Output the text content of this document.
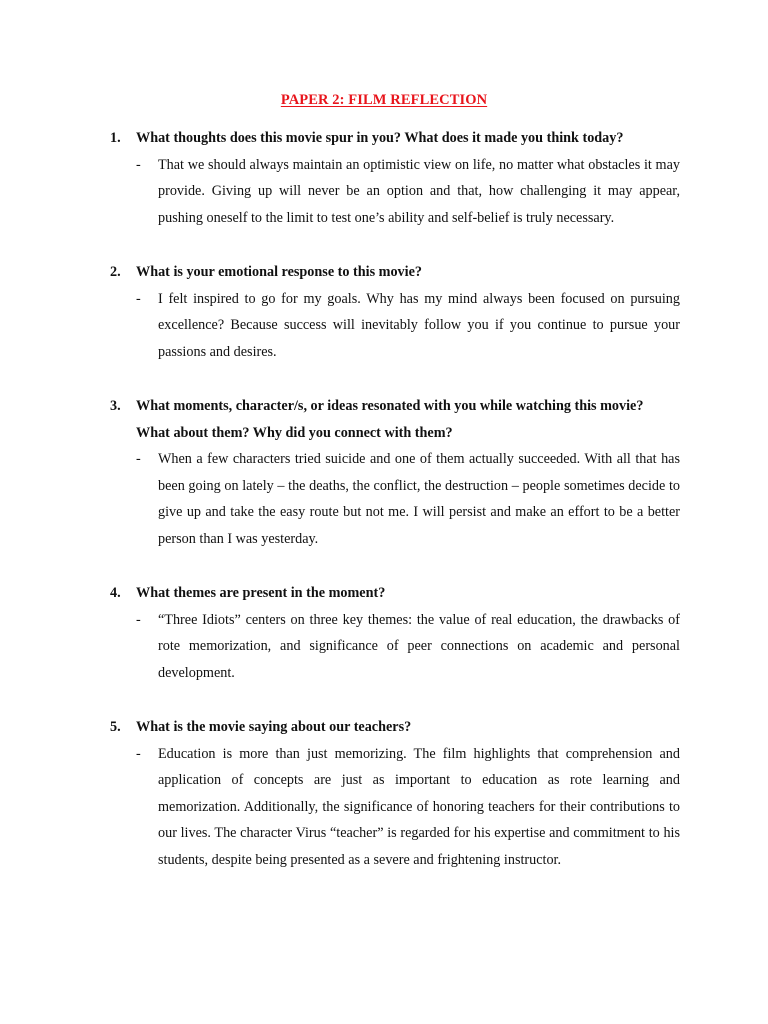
PAPER 2: FILM REFLECTION
1.	What thoughts does this movie spur in you? What does it made you think today?
-	That we should always maintain an optimistic view on life, no matter what obstacles it may provide. Giving up will never be an option and that, how challenging it may appear, pushing oneself to the limit to test one’s ability and self-belief is truly necessary.
2.	What is your emotional response to this movie?
-	I felt inspired to go for my goals. Why has my mind always been focused on pursuing excellence? Because success will inevitably follow you if you continue to pursue your passions and desires.
3.	What moments, character/s, or ideas resonated with you while watching this movie? What about them? Why did you connect with them?
-	When a few characters tried suicide and one of them actually succeeded. With all that has been going on lately – the deaths, the conflict, the destruction – people sometimes decide to give up and take the easy route but not me. I will persist and make an effort to be a better person than I was yesterday.
4.	What themes are present in the moment?
-	“Three Idiots” centers on three key themes: the value of real education, the drawbacks of rote memorization, and significance of peer connections on academic and personal development.
5.	What is the movie saying about our teachers?
-	Education is more than just memorizing. The film highlights that comprehension and application of concepts are just as important to education as rote learning and memorization. Additionally, the significance of honoring teachers for their contributions to our lives. The character Virus “teacher” is regarded for his expertise and commitment to his students, despite being presented as a severe and frightening instructor.
